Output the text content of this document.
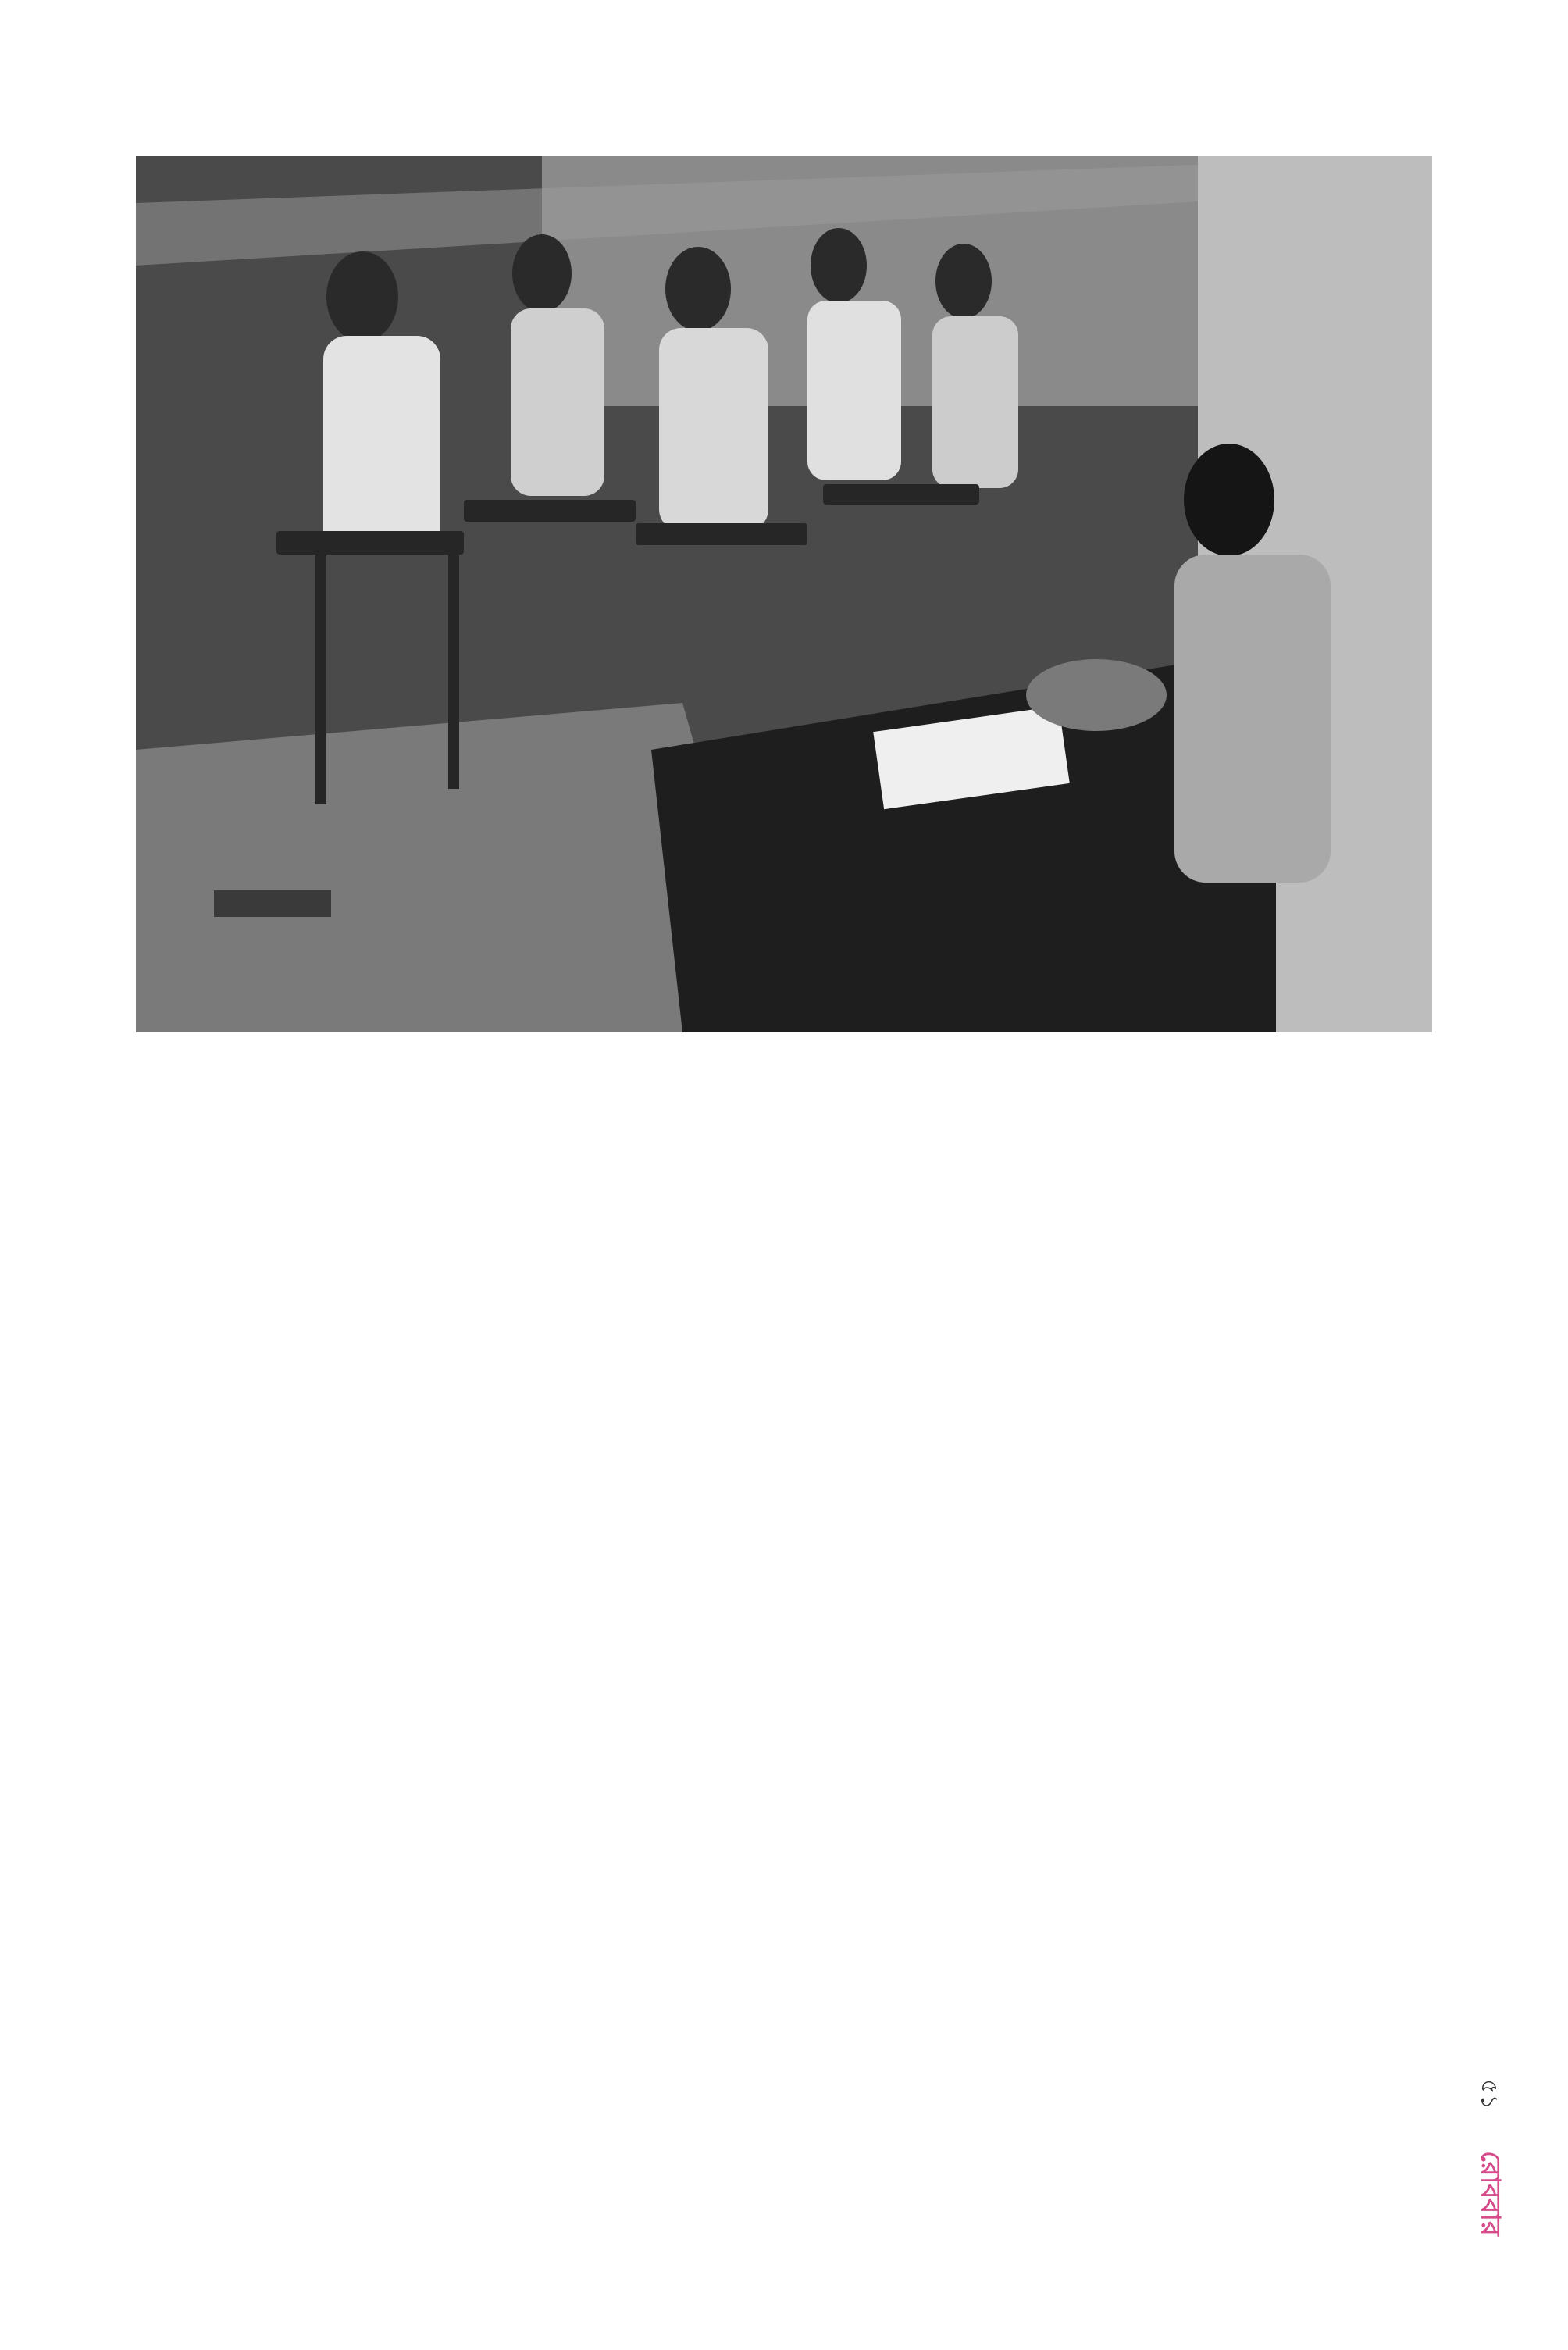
৫১
রোববার
